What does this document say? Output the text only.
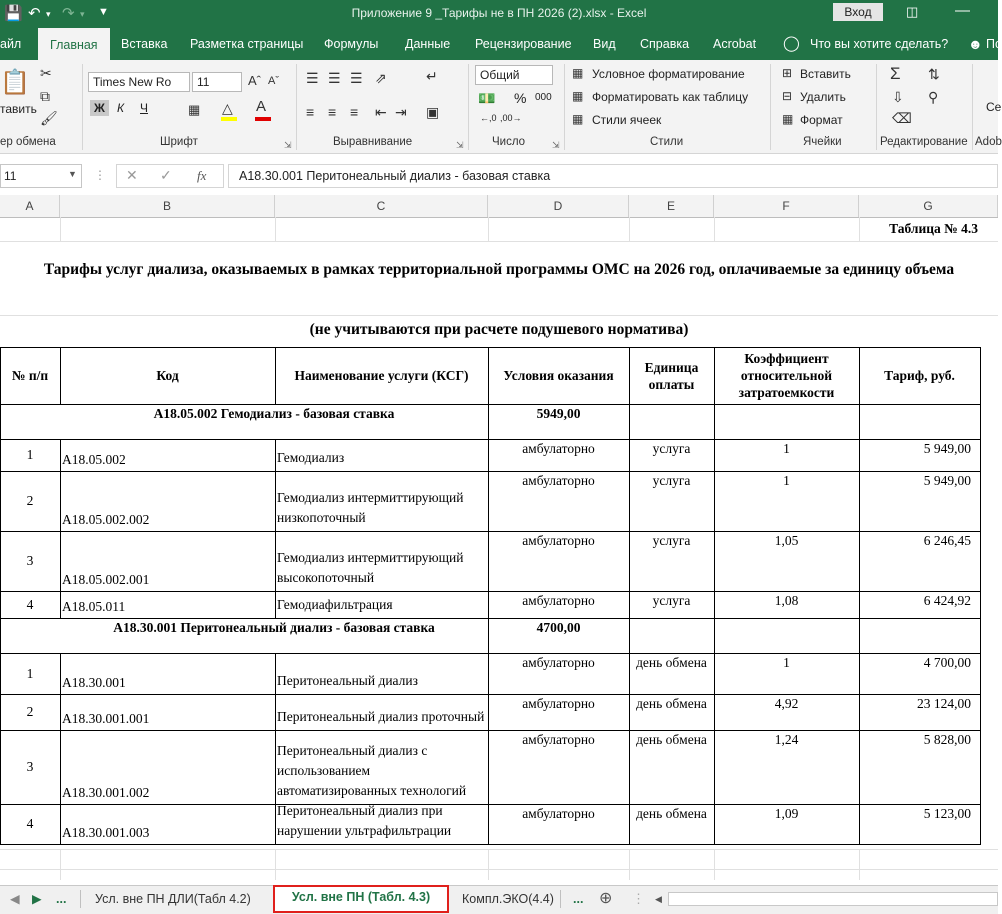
💾 ↶ ▾ ↷ ▾ ▼	Приложение 9 _Тарифы не в ПН 2026 (2).xlsx - Excel	Вход	◫ —
айл	Главная	Вставка Разметка страницы Формулы Данные Рецензирование Вид Справка Acrobat ◯ Что вы хотите сделать? ☻ Пс
📋
тавить
✂
⧉
🖌
ер обмена
Times New Ro	11	Aˆ Aˇ
Ж	К Ч	▦ △ A
Шрифт	⇲
☰ ☰ ☰ ⇗	↵
≡ ≡ ≡ ⇤ ⇥ ▣
Выравнивание	⇲
Общий
💵 % 000
←,0 ,00→
Число	⇲
▦ Условное форматирование
▦ Форматировать как таблицу
▦ Стили ячеек
Стили
⊞ Вставить
⊟ Удалить
▦ Формат
Ячейки
Σ ⇅
⇩ ⚲
⌫
Редактирование
Се
Adob
11	▼ ⋮ ✕ ✓ fx	A18.30.001 Перитонеальный диализ - базовая ставка
A	B	C	D	E	F	G
Таблица № 4.3
Тарифы услуг диализа, оказываемых в рамках территориальной программы ОМС на 2026 год, оплачиваемые за единицу объема
(не учитываются при расчете подушевого норматива)
№ п/п	Код	Наименование услуги (КСГ)	Условия оказания
Единица оплаты
Коэффициент относительной затратоемкости
Тариф, руб.
A18.05.002 Гемодиализ - базовая ставка	5949,00
1	A18.05.002	Гемодиализ
амбулаторно	услуга	1	5 949,00
2
A18.05.002.002
Гемодиализ интермиттирующий низкопоточный
амбулаторно	услуга	1	5 949,00
3
A18.05.002.001
Гемодиализ интермиттирующий высокопоточный
амбулаторно	услуга	1,05	6 246,45
4	A18.05.011	Гемодиафильтрация	амбулаторно	услуга	1,08	6 424,92
A18.30.001 Перитонеальный диализ - базовая ставка	4700,00
1
A18.30.001	Перитонеальный диализ
амбулаторно	день обмена	1	4 700,00
2	A18.30.001.001	Перитонеальный диализ проточный
амбулаторно	день обмена	4,92	23 124,00
3
A18.30.001.002
Перитонеальный диализ с использованием автоматизированных технологий
амбулаторно	день обмена	1,24	5 828,00
4
A18.30.001.003
Перитонеальный диализ при нарушении ультрафильтрации
амбулаторно	день обмена	1,09	5 123,00
◀ ▶ ... Усл. вне ПН ДЛИ(Табл 4.2)	Усл. вне ПН (Табл. 4.3)	Компл.ЭКО(4.4) ... ⊕ ⋮ ◀
